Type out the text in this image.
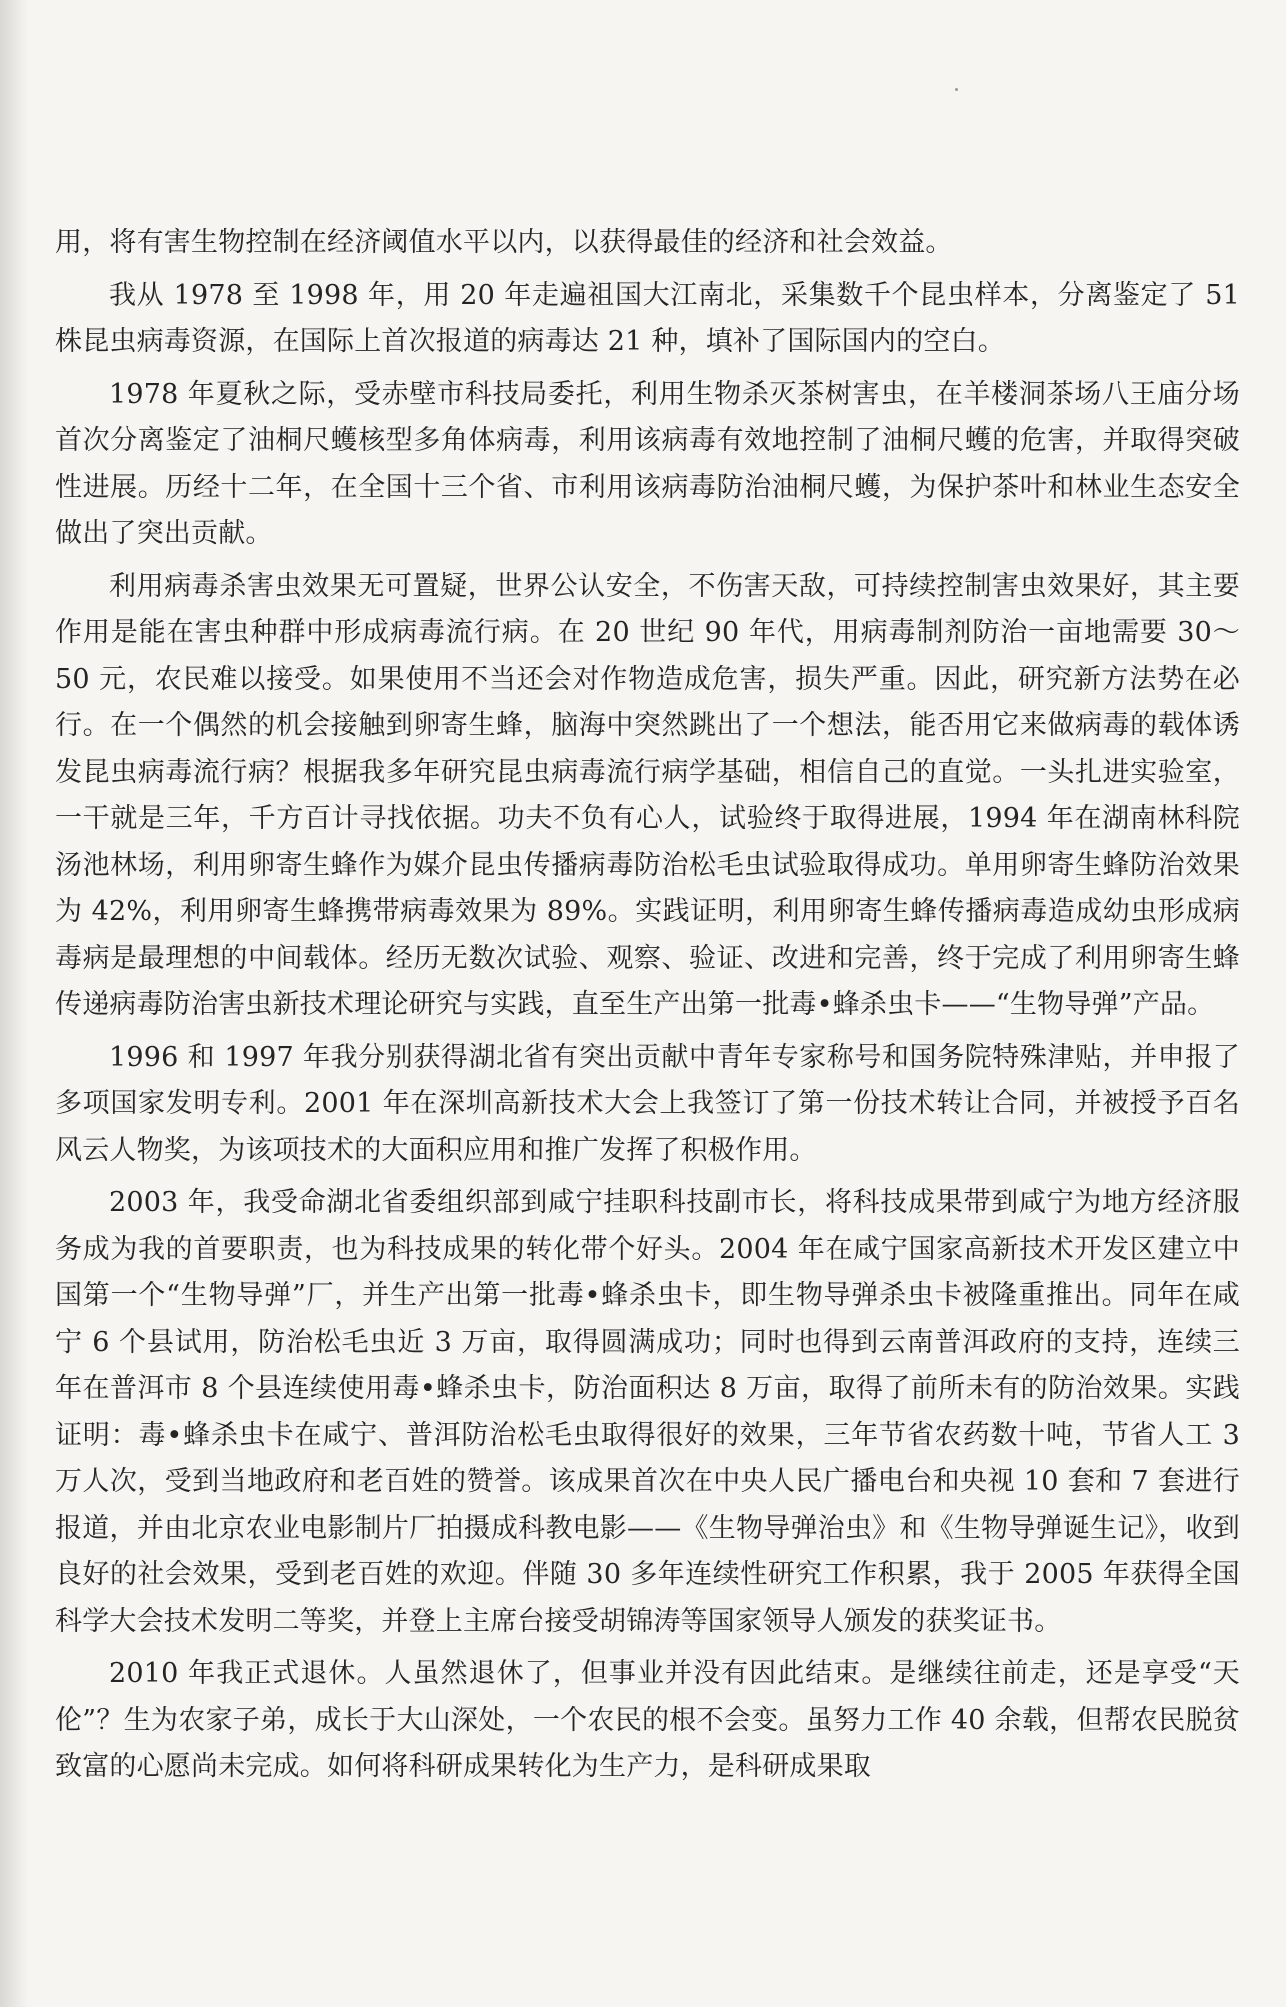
用，将有害生物控制在经济阈值水平以内，以获得最佳的经济和社会效益。

我从 1978 至 1998 年，用 20 年走遍祖国大江南北，采集数千个昆虫样本，分离鉴定了 51 株昆虫病毒资源，在国际上首次报道的病毒达 21 种，填补了国际国内的空白。

1978 年夏秋之际，受赤壁市科技局委托，利用生物杀灭茶树害虫，在羊楼洞茶场八王庙分场首次分离鉴定了油桐尺蠖核型多角体病毒，利用该病毒有效地控制了油桐尺蠖的危害，并取得突破性进展。历经十二年，在全国十三个省、市利用该病毒防治油桐尺蠖，为保护茶叶和林业生态安全做出了突出贡献。

利用病毒杀害虫效果无可置疑，世界公认安全，不伤害天敌，可持续控制害虫效果好，其主要作用是能在害虫种群中形成病毒流行病。在 20 世纪 90 年代，用病毒制剂防治一亩地需要 30～50 元，农民难以接受。如果使用不当还会对作物造成危害，损失严重。因此，研究新方法势在必行。在一个偶然的机会接触到卵寄生蜂，脑海中突然跳出了一个想法，能否用它来做病毒的载体诱发昆虫病毒流行病？根据我多年研究昆虫病毒流行病学基础，相信自己的直觉。一头扎进实验室，一干就是三年，千方百计寻找依据。功夫不负有心人，试验终于取得进展，1994 年在湖南林科院汤池林场，利用卵寄生蜂作为媒介昆虫传播病毒防治松毛虫试验取得成功。单用卵寄生蜂防治效果为 42%，利用卵寄生蜂携带病毒效果为 89%。实践证明，利用卵寄生蜂传播病毒造成幼虫形成病毒病是最理想的中间载体。经历无数次试验、观察、验证、改进和完善，终于完成了利用卵寄生蜂传递病毒防治害虫新技术理论研究与实践，直至生产出第一批毒•蜂杀虫卡——“生物导弹”产品。

1996 和 1997 年我分别获得湖北省有突出贡献中青年专家称号和国务院特殊津贴，并申报了多项国家发明专利。2001 年在深圳高新技术大会上我签订了第一份技术转让合同，并被授予百名风云人物奖，为该项技术的大面积应用和推广发挥了积极作用。

2003 年，我受命湖北省委组织部到咸宁挂职科技副市长，将科技成果带到咸宁为地方经济服务成为我的首要职责，也为科技成果的转化带个好头。2004 年在咸宁国家高新技术开发区建立中国第一个“生物导弹”厂，并生产出第一批毒•蜂杀虫卡，即生物导弹杀虫卡被隆重推出。同年在咸宁 6 个县试用，防治松毛虫近 3 万亩，取得圆满成功；同时也得到云南普洱政府的支持，连续三年在普洱市 8 个县连续使用毒•蜂杀虫卡，防治面积达 8 万亩，取得了前所未有的防治效果。实践证明：毒•蜂杀虫卡在咸宁、普洱防治松毛虫取得很好的效果，三年节省农药数十吨，节省人工 3 万人次，受到当地政府和老百姓的赞誉。该成果首次在中央人民广播电台和央视 10 套和 7 套进行报道，并由北京农业电影制片厂拍摄成科教电影——《生物导弹治虫》和《生物导弹诞生记》，收到良好的社会效果，受到老百姓的欢迎。伴随 30 多年连续性研究工作积累，我于 2005 年获得全国科学大会技术发明二等奖，并登上主席台接受胡锦涛等国家领导人颁发的获奖证书。

2010 年我正式退休。人虽然退休了，但事业并没有因此结束。是继续往前走，还是享受“天伦”？生为农家子弟，成长于大山深处，一个农民的根不会变。虽努力工作 40 余载，但帮农民脱贫致富的心愿尚未完成。如何将科研成果转化为生产力，是科研成果取
